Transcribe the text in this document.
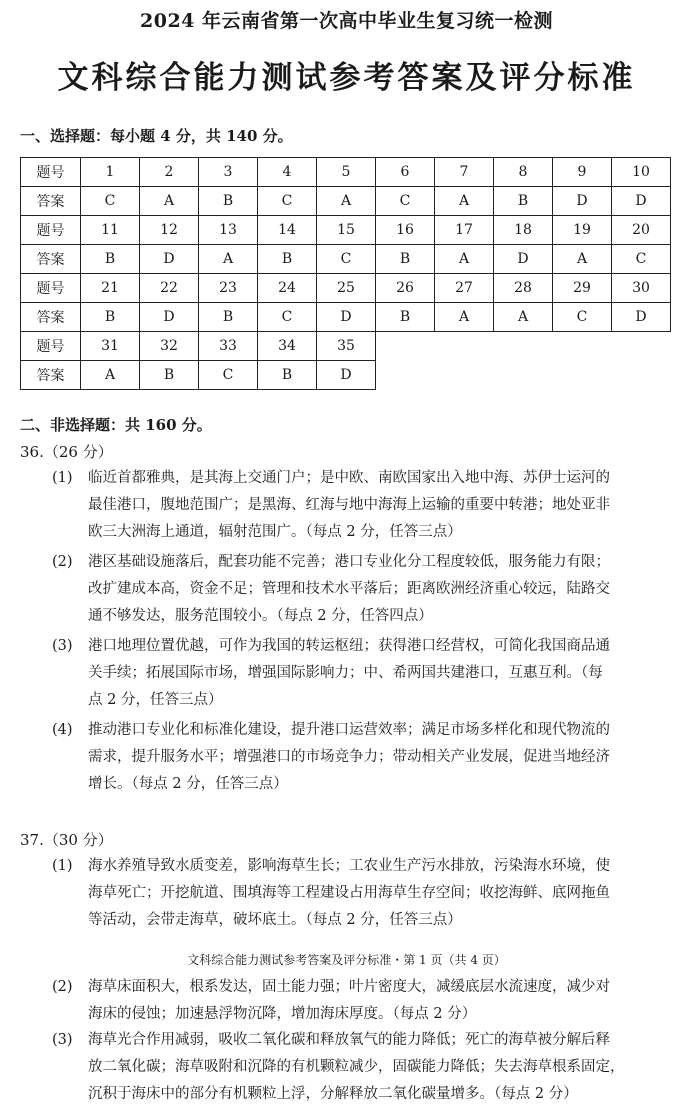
2024 年云南省第一次高中毕业生复习统一检测
文科综合能力测试参考答案及评分标准
一、选择题：每小题 4 分，共 140 分。
题号	1	2	3	4	5	6	7	8	9	10
答案	C	A	B	C	A	C	A	B	D	D
题号	11	12	13	14	15	16	17	18	19	20
答案	B	D	A	B	C	B	A	D	A	C
题号	21	22	23	24	25	26	27	28	29	30
答案	B	D	B	C	D	B	A	A	C	D
题号	31	32	33	34	35					
答案	A	B	C	B	D					
二、非选择题：共 160 分。
36.（26 分）
(1) 临近首都雅典，是其海上交通门户；是中欧、南欧国家出入地中海、苏伊士运河的
最佳港口，腹地范围广；是黑海、红海与地中海海上运输的重要中转港；地处亚非
欧三大洲海上通道，辐射范围广。（每点 2 分，任答三点）
(2) 港区基础设施落后，配套功能不完善；港口专业化分工程度较低，服务能力有限；
改扩建成本高，资金不足；管理和技术水平落后；距离欧洲经济重心较远，陆路交
通不够发达，服务范围较小。（每点 2 分，任答四点）
(3) 港口地理位置优越，可作为我国的转运枢纽；获得港口经营权，可简化我国商品通
关手续；拓展国际市场，增强国际影响力；中、希两国共建港口，互惠互利。（每
点 2 分，任答三点）
(4) 推动港口专业化和标准化建设，提升港口运营效率；满足市场多样化和现代物流的
需求，提升服务水平；增强港口的市场竞争力；带动相关产业发展，促进当地经济
增长。（每点 2 分，任答三点）
37.（30 分）
(1) 海水养殖导致水质变差，影响海草生长；工农业生产污水排放，污染海水环境，使
海草死亡；开挖航道、围填海等工程建设占用海草生存空间；收挖海鲜、底网拖鱼
等活动，会带走海草，破坏底土。（每点 2 分，任答三点）
文科综合能力测试参考答案及评分标准・第 1 页（共 4 页）
(2) 海草床面积大，根系发达，固土能力强；叶片密度大，减缓底层水流速度，减少对
海床的侵蚀；加速悬浮物沉降，增加海床厚度。（每点 2 分）
(3) 海草光合作用减弱，吸收二氧化碳和释放氧气的能力降低；死亡的海草被分解后释
放二氧化碳；海草吸附和沉降的有机颗粒减少，固碳能力降低；失去海草根系固定，
沉积于海床中的部分有机颗粒上浮，分解释放二氧化碳量增多。（每点 2 分）
